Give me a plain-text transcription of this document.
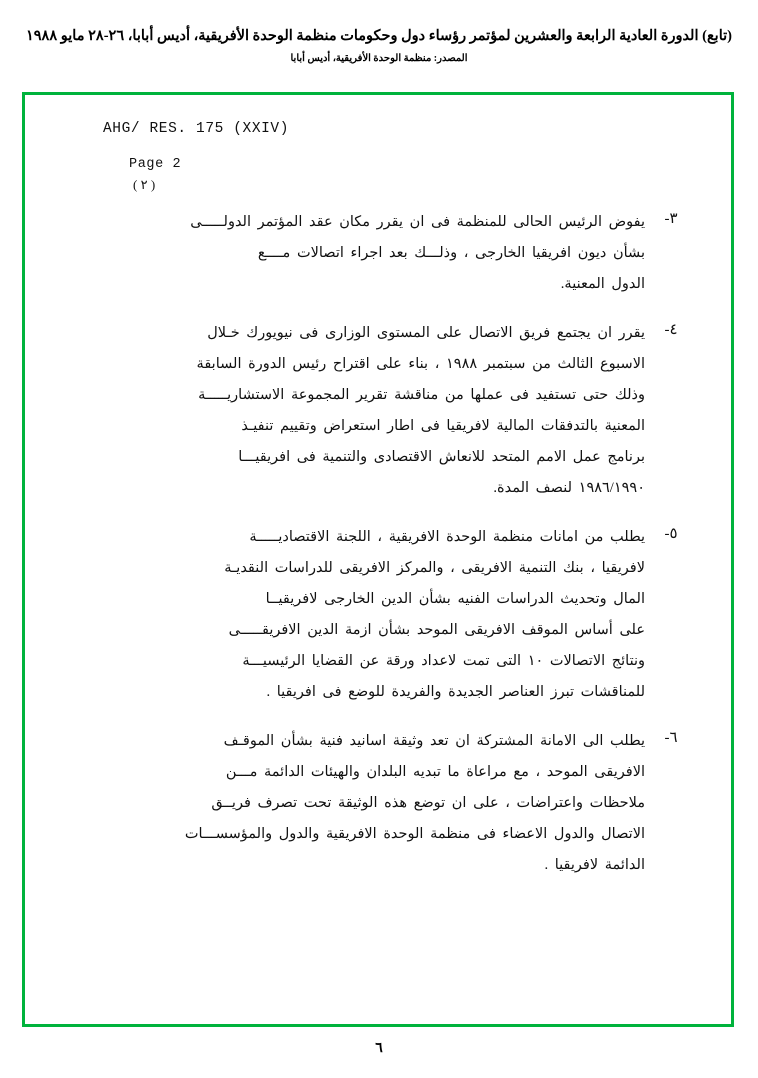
(تابع) الدورة العادية الرابعة والعشرين لمؤتمر رؤساء دول وحكومات منظمة الوحدة الأفريقية، أديس أبابا، ٢٦-٢٨ مايو ١٩٨٨
المصدر: منظمة الوحدة الأفريقية، أديس أبابا
AHG/ RES. 175 (XXIV)
Page 2
( ٢ )
٣-
يفوض الرئيس الحالى للمنظمة فى ان يقرر مكان عقد المؤتمر الدولـــــى
بشأن ديون افريقيا الخارجى ، وذلـــك بعد اجراء اتصالات مــــع
الدول المعنية.
٤-
يقرر ان يجتمع فريق الاتصال على المستوى الوزارى فى نيويورك خـلال
الاسبوع الثالث من سبتمبر ١٩٨٨ ، بناء على اقتراح رئيس الدورة السابقة
وذلك حتى تستفيد فى عملها من مناقشة تقرير المجموعة الاستشاريـــــة
المعنية بالتدفقات المالية لافريقيا فى اطار استعراض وتقييم تنفيـذ
برنامج عمل الامم المتحد للانعاش الاقتصادى والتنمية فى افريقيـــا
١٩٨٦/١٩٩٠ لنصف المدة.
٥-
يطلب من امانات منظمة الوحدة الافريقية ، اللجنة الاقتصاديـــــة
لافريقيا ، بنك التنمية الافريقى ، والمركز الافريقى للدراسات النقديـة
المال وتحديث الدراسات الفنيه بشأن الدين الخارجى لافريقيــا
على أساس الموقف الافريقى الموحد بشأن ازمة الدين الافريقـــــى
ونتائج الاتصالات ١٠ التى تمت لاعداد ورقة عن القضايا الرئيسيـــة
للمناقشات تبرز العناصر الجديدة والفريدة للوضع فى افريقيا .
٦-
يطلب الى الامانة المشتركة ان تعد وثيقة اسانيد فنية بشأن الموقـف
الافريقى الموحد ، مع مراعاة ما تبديه البلدان والهيئات الدائمة مـــن
ملاحظات واعتراضات ، على ان توضع هذه الوثيقة تحت تصرف فريــق
الاتصال والدول الاعضاء فى منظمة الوحدة الافريقية والدول والمؤسســـات
الدائمة لافريقيا .
٦
